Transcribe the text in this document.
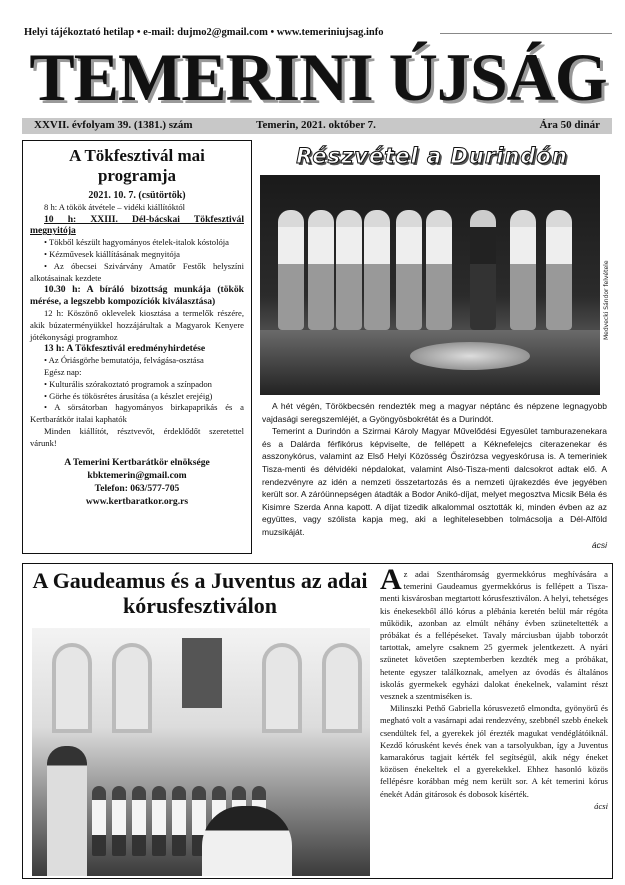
Helyi tájékoztató hetilap • e-mail: dujmo2@gmail.com • www.temeriniujsag.info
TEMERINI ÚJSÁG
XXVII. évfolyam 39. (1381.) szám	Temerin, 2021. október 7.	Ára 50 dinár
A Tökfesztivál mai programja
2021. 10. 7. (csütörtök)

8 h: A tökök átvétele – vidéki kiállítóktól

10 h: XXIII. Dél-bácskai Tökfesztivál megnyitója

• Tökből készült hagyományos ételek-italok kóstolója

• Kézművesek kiállításának megnyitója

• Az óbecsei Szivárvány Amatőr Festők helyszíni alkotásainak kezdete

10.30 h: A bíráló bizottság munkája (tökök mérése, a legszebb kompozíciók kiválasztása)

12 h: Köszönő oklevelek kiosztása a termelők részére, akik búzaterményükkel hozzájárultak a Magyarok Kenyere jótékonysági programhoz

13 h: A Tökfesztivál eredményhirdetése

• Az Óriásgörhe bemutatója, felvágása-osztása

Egész nap:

• Kulturális szórakoztató programok a színpadon

• Görhe és tökösrétes árusítása (a készlet erejéig)

• A sörsátorban hagyományos birkapaprikás és a Kertbarátkör italai kaphatók

Minden kiállítót, résztvevőt, érdeklődőt szeretettel várunk!

A Temerini Kertbarátkör elnöksége
kbktemerin@gmail.com
Telefon: 063/577-705
www.kertbaratkor.org.rs
Részvétel a Durindón
Medvecki Sándor felvétele

A hét végén, Törökbecsén rendezték meg a magyar néptánc és népzene legnagyobb vajdasági seregszemléjét, a Gyöngyösbokrétát és a Durindót.

Temerint a Durindón a Szirmai Károly Magyar Művelődési Egyesület tamburazenekara és a Dalárda férfikórus képviselte, de fellépett a Kéknefelejcs citerazenekar és asszonykórus, valamint az Első Helyi Közösség Őszirózsa vegyeskórusa is. A temeriniek Tisza-menti és délvidéki népdalokat, valamint Alsó-Tisza-menti dalcsokrot adtak elő. A rendezvényre az idén a nemzeti összetartozás és a nemzeti újrakezdés éve jegyében került sor. A záróünnepségen átadták a Bodor Anikó-díjat, melyet megosztva Micsik Béla és Kisimre Szerda Anna kapott. A díjat tizedik alkalommal osztották ki, minden évben az az együttes, vagy szólista kapja meg, aki a leghitelesebben tolmácsolja a Dél-Alföld muzsikáját.

ácsi
A Gaudeamus és a Juventus az adai kórusfesztiválon

Az adai Szentháromság gyermekkórus meghívására a temerini Gaudeamus gyermekkórus is fellépett a Tisza-menti kisvárosban megtartott kórusfesztiválon. A helyi, tehetséges kis énekesekből álló kórus a plébánia keretén belül már régóta működik, azonban az elmúlt néhány évben szüneteltették a próbákat és a fellépéseket. Tavaly márciusban újabb toborzót tartottak, amelyre csaknem 25 gyermek jelentkezett. A nyári szünetet követően szeptemberben kezdték meg a próbákat, hetente egyszer találkoznak, amelyen az óvodás és általános iskolás gyermekek egyházi dalokat énekelnek, valamint részt vesznek a szentmiséken is.

Milinszki Pethő Gabriella kórusvezető elmondta, gyönyörű és megható volt a vasárnapi adai rendezvény, szebbnél szebb énekek csendültek fel, a gyerekek jól érezték magukat vendéglátóiknál. Kezdő kórusként kevés ének van a tarsolyukban, így a Juventus kamarakórus tagjait kérték fel segítségül, akik négy éneket közösen énekeltek el a gyerekekkel. Ehhez hasonló közös fellépésre korábban még nem került sor. A két temerini kórus énekét Adán gitárosok és dobosok kísérték.

ácsi
